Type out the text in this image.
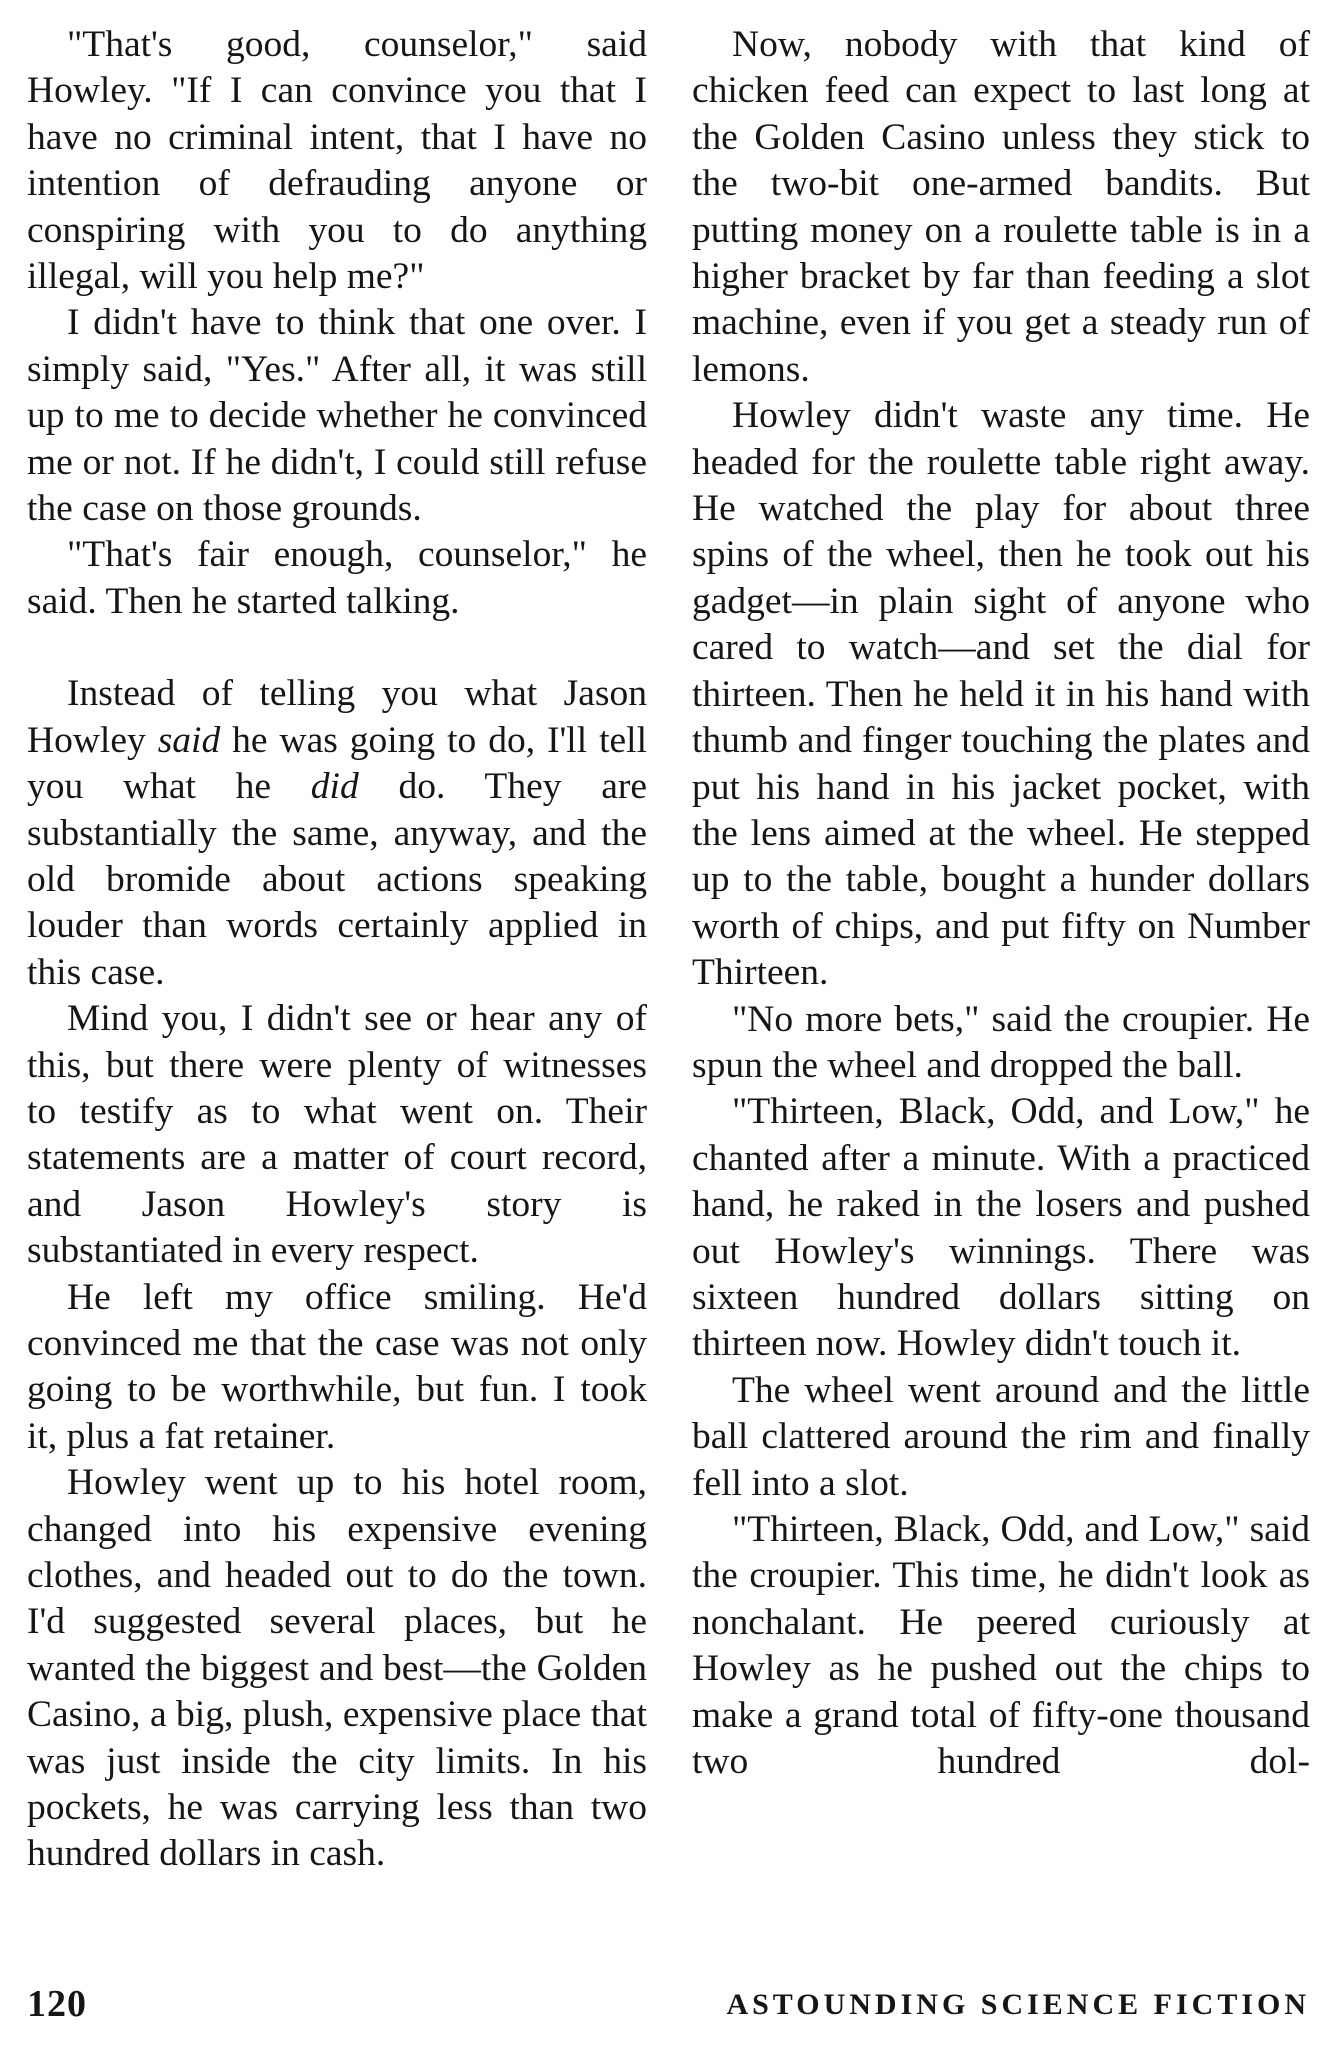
"That's good, counselor," said Howley. "If I can convince you that I have no criminal intent, that I have no intention of defrauding anyone or conspiring with you to do anything illegal, will you help me?"

I didn't have to think that one over. I simply said, "Yes." After all, it was still up to me to decide whether he convinced me or not. If he didn't, I could still refuse the case on those grounds.

"That's fair enough, counselor," he said. Then he started talking.

Instead of telling you what Jason Howley said he was going to do, I'll tell you what he did do. They are substantially the same, anyway, and the old bromide about actions speaking louder than words certainly applied in this case.

Mind you, I didn't see or hear any of this, but there were plenty of witnesses to testify as to what went on. Their statements are a matter of court record, and Jason Howley's story is substantiated in every respect.

He left my office smiling. He'd convinced me that the case was not only going to be worthwhile, but fun. I took it, plus a fat retainer.

Howley went up to his hotel room, changed into his expensive evening clothes, and headed out to do the town. I'd suggested several places, but he wanted the biggest and best—the Golden Casino, a big, plush, expensive place that was just inside the city limits. In his pockets, he was carrying less than two hundred dollars in cash.

Now, nobody with that kind of chicken feed can expect to last long at the Golden Casino unless they stick to the two-bit one-armed bandits. But putting money on a roulette table is in a higher bracket by far than feeding a slot machine, even if you get a steady run of lemons.

Howley didn't waste any time. He headed for the roulette table right away. He watched the play for about three spins of the wheel, then he took out his gadget—in plain sight of anyone who cared to watch—and set the dial for thirteen. Then he held it in his hand with thumb and finger touching the plates and put his hand in his jacket pocket, with the lens aimed at the wheel. He stepped up to the table, bought a hunder dollars worth of chips, and put fifty on Number Thirteen.

"No more bets," said the croupier. He spun the wheel and dropped the ball.

"Thirteen, Black, Odd, and Low," he chanted after a minute. With a practiced hand, he raked in the losers and pushed out Howley's winnings. There was sixteen hundred dollars sitting on thirteen now. Howley didn't touch it.

The wheel went around and the little ball clattered around the rim and finally fell into a slot.

"Thirteen, Black, Odd, and Low," said the croupier. This time, he didn't look as nonchalant. He peered curiously at Howley as he pushed out the chips to make a grand total of fifty-one thousand two hundred dol-

120	ASTOUNDING SCIENCE FICTION
